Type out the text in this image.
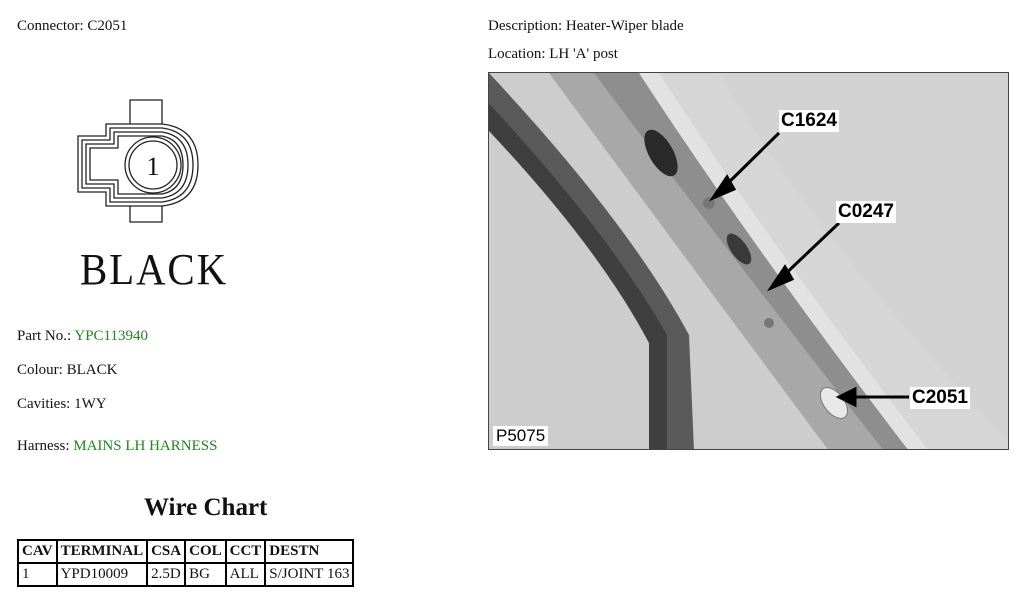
Connector: C2051	Description: Heater-Wiper blade
Location: LH 'A' post
1
BLACK
Part No.: YPC113940
Colour: BLACK
Cavities: 1WY
Harness: MAINS LH HARNESS
Wire Chart
CAV	TERMINAL	CSA	COL	CCT	DESTN
1	YPD10009	2.5D	BG	ALL	S/JOINT 163
C1624
C0247
C2051
P5075
